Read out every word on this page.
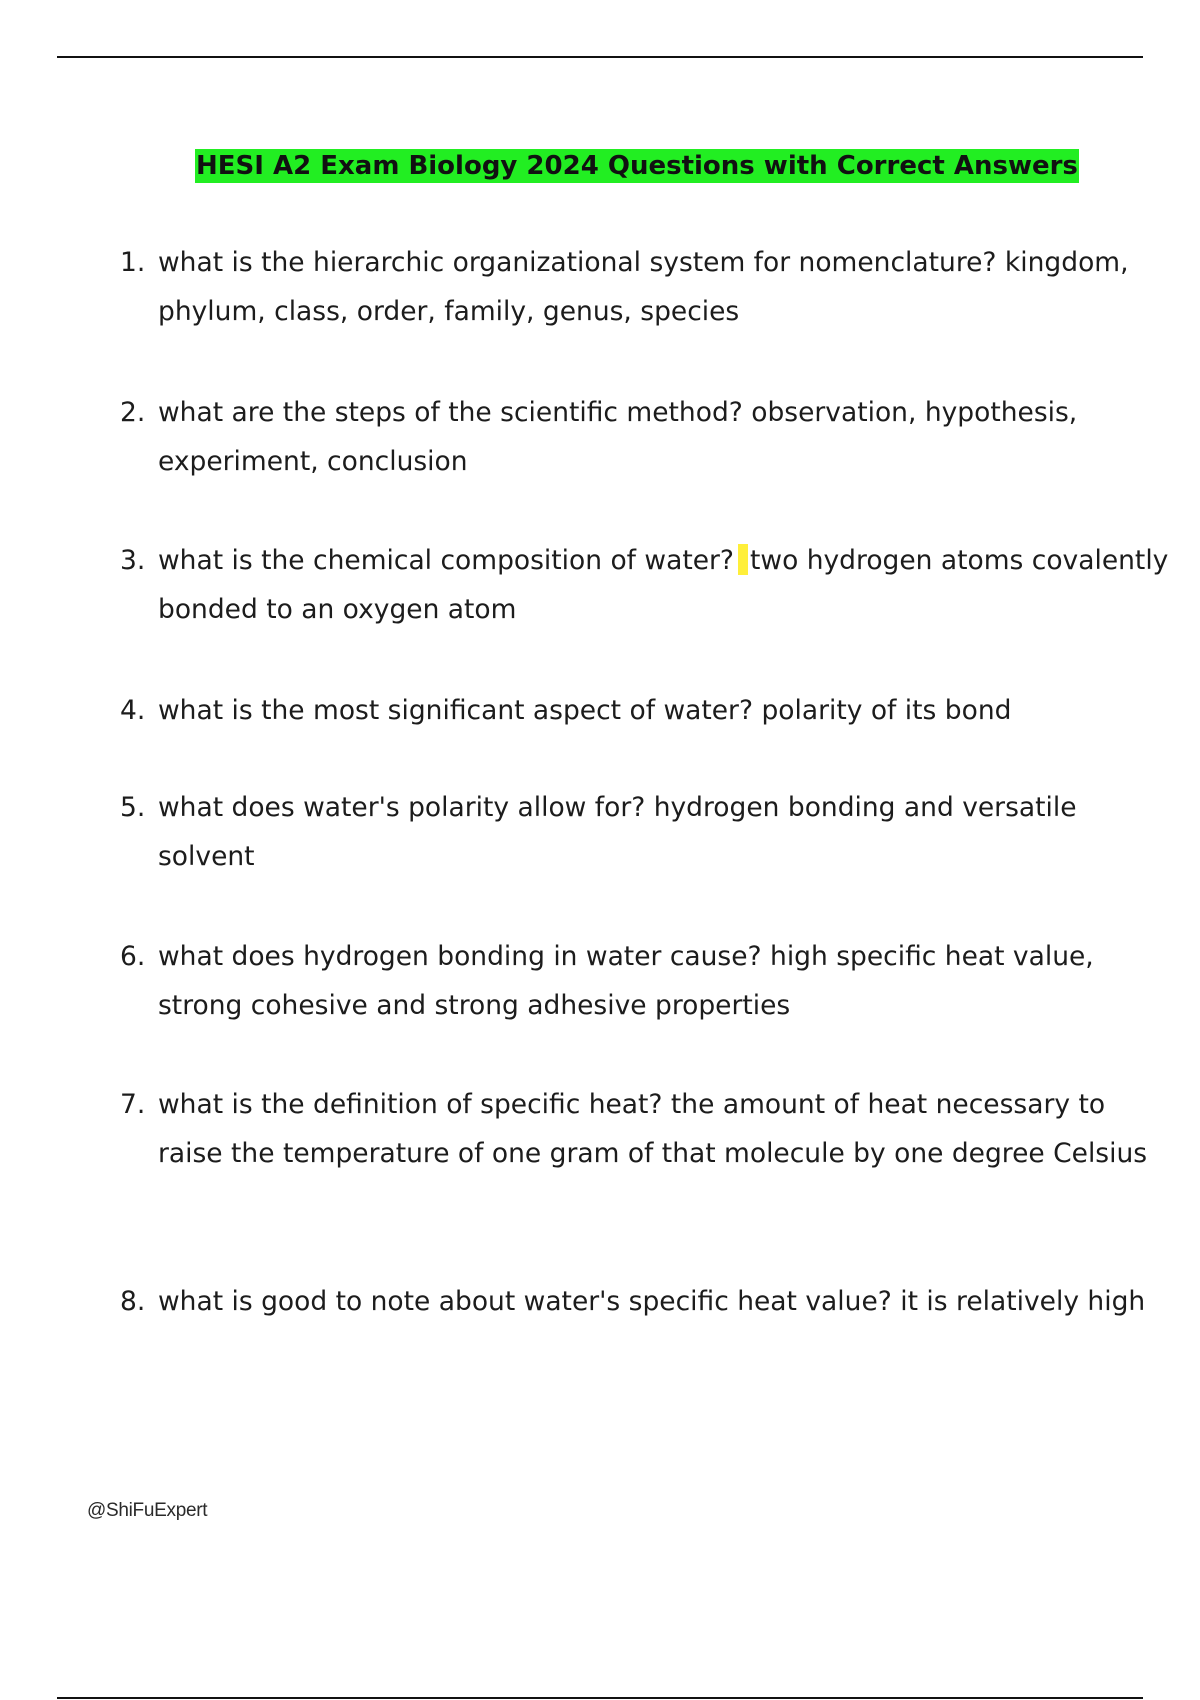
HESI A2 Exam Biology 2024 Questions with Correct Answers
1. what is the hierarchic organizational system for nomenclature? kingdom, phylum, class, order, family, genus, species
2. what are the steps of the scientific method? observation, hypothesis, experiment, conclusion
3. what is the chemical composition of water? two hydrogen atoms covalently bonded to an oxygen atom
4. what is the most significant aspect of water? polarity of its bond
5. what does water's polarity allow for? hydrogen bonding and versatile solvent
6. what does hydrogen bonding in water cause? high specific heat value, strong cohesive and strong adhesive properties
7. what is the definition of specific heat? the amount of heat necessary to raise the temperature of one gram of that molecule by one degree Celsius
8. what is good to note about water's specific heat value? it is relatively high
@ShiFuExpert
